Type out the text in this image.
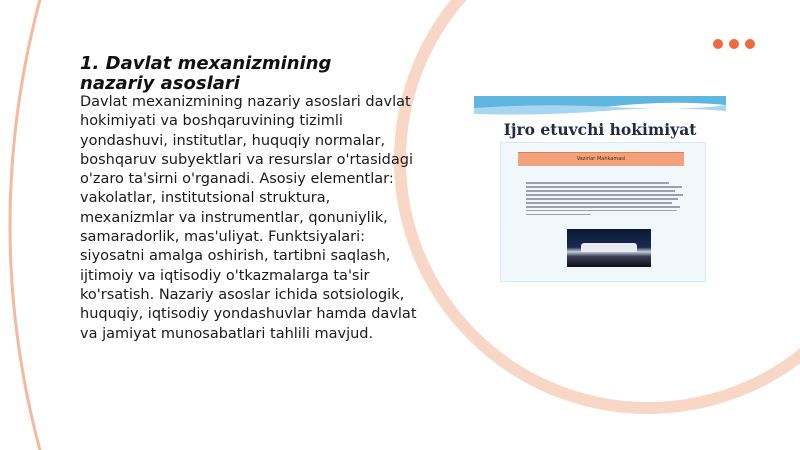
1. Davlat mexanizmining nazariy asoslari

Davlat mexanizmining nazariy asoslari davlat hokimiyati va boshqaruvining tizimli yondashuvi, institutlar, huquqiy normalar, boshqaruv subyektlari va resurslar o'rtasidagi o'zaro ta'sirni o'rganadi. Asosiy elementlar: vakolatlar, institutsional struktura, mexanizmlar va instrumentlar, qonuniylik, samaradorlik, mas'uliyat. Funktsiyalari: siyosatni amalga oshirish, tartibni saqlash, ijtimoiy va iqtisodiy o'tkazmalarga ta'sir ko'rsatish. Nazariy asoslar ichida sotsiologik, huquqiy, iqtisodiy yondashuvlar hamda davlat va jamiyat munosabatlari tahlili mavjud.

Ijro etuvchi hokimiyat
Vazirlar Mahkamasi
